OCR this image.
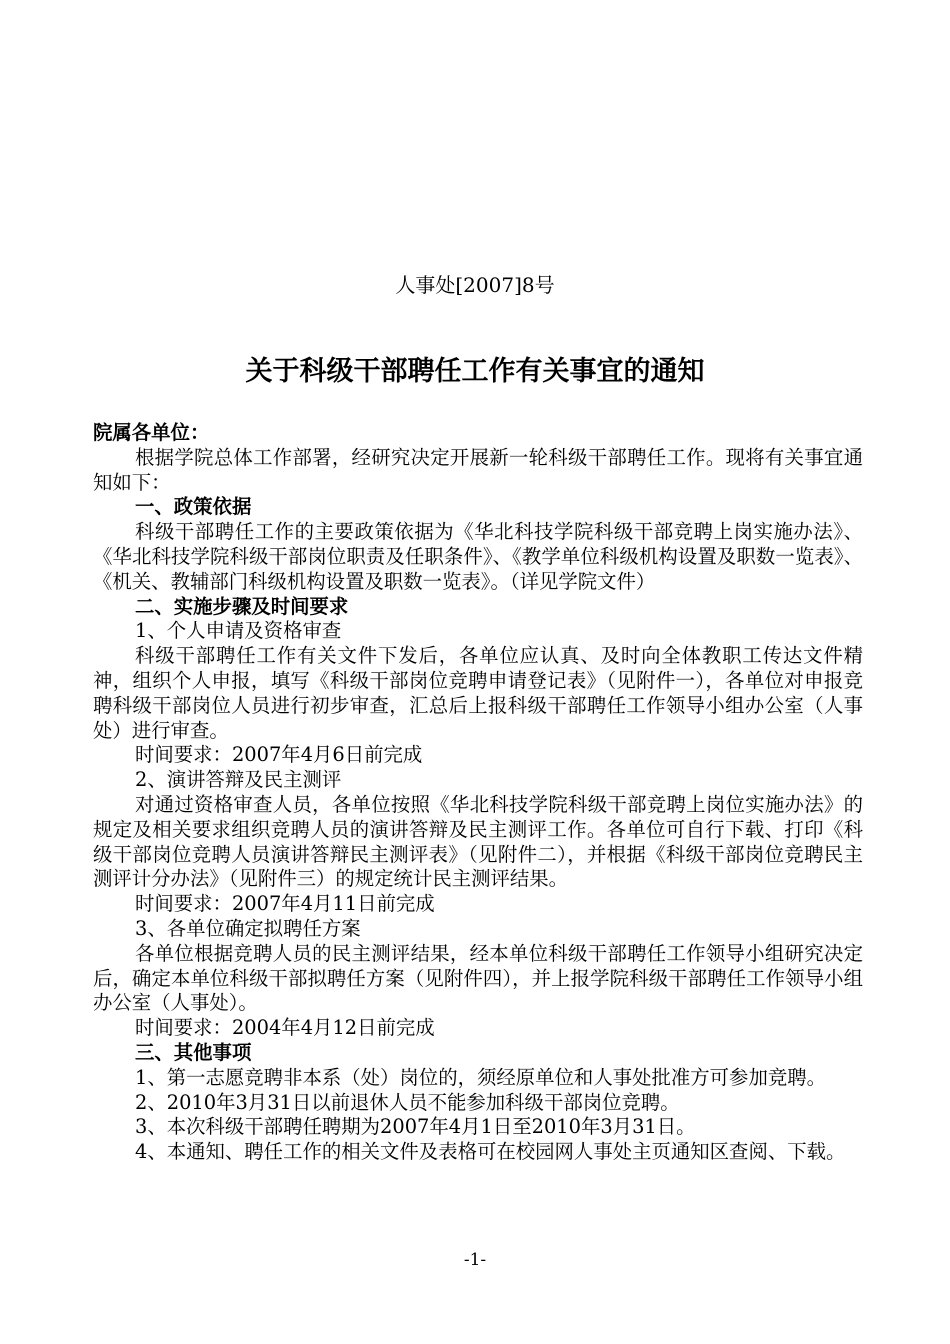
人事处[2007]8号
关于科级干部聘任工作有关事宜的通知

院属各单位：

根据学院总体工作部署，经研究决定开展新一轮科级干部聘任工作。现将有关事宜通知如下：

一、政策依据

科级干部聘任工作的主要政策依据为《华北科技学院科级干部竞聘上岗实施办法》、《华北科技学院科级干部岗位职责及任职条件》、《教学单位科级机构设置及职数一览表》、《机关、教辅部门科级机构设置及职数一览表》。（详见学院文件）

二、实施步骤及时间要求

1、个人申请及资格审查

科级干部聘任工作有关文件下发后，各单位应认真、及时向全体教职工传达文件精神，组织个人申报，填写《科级干部岗位竞聘申请登记表》（见附件一），各单位对申报竞聘科级干部岗位人员进行初步审查，汇总后上报科级干部聘任工作领导小组办公室（人事处）进行审查。

时间要求：2007年4月6日前完成

2、演讲答辩及民主测评

对通过资格审查人员，各单位按照《华北科技学院科级干部竞聘上岗位实施办法》的规定及相关要求组织竞聘人员的演讲答辩及民主测评工作。各单位可自行下载、打印《科级干部岗位竞聘人员演讲答辩民主测评表》（见附件二），并根据《科级干部岗位竞聘民主测评计分办法》（见附件三）的规定统计民主测评结果。

时间要求：2007年4月11日前完成

3、各单位确定拟聘任方案

各单位根据竞聘人员的民主测评结果，经本单位科级干部聘任工作领导小组研究决定后，确定本单位科级干部拟聘任方案（见附件四），并上报学院科级干部聘任工作领导小组办公室（人事处）。

时间要求：2004年4月12日前完成

三、其他事项

1、第一志愿竞聘非本系（处）岗位的，须经原单位和人事处批准方可参加竞聘。

2、2010年3月31日以前退休人员不能参加科级干部岗位竞聘。

3、本次科级干部聘任聘期为2007年4月1日至2010年3月31日。

4、本通知、聘任工作的相关文件及表格可在校园网人事处主页通知区查阅、下载。

-1-
